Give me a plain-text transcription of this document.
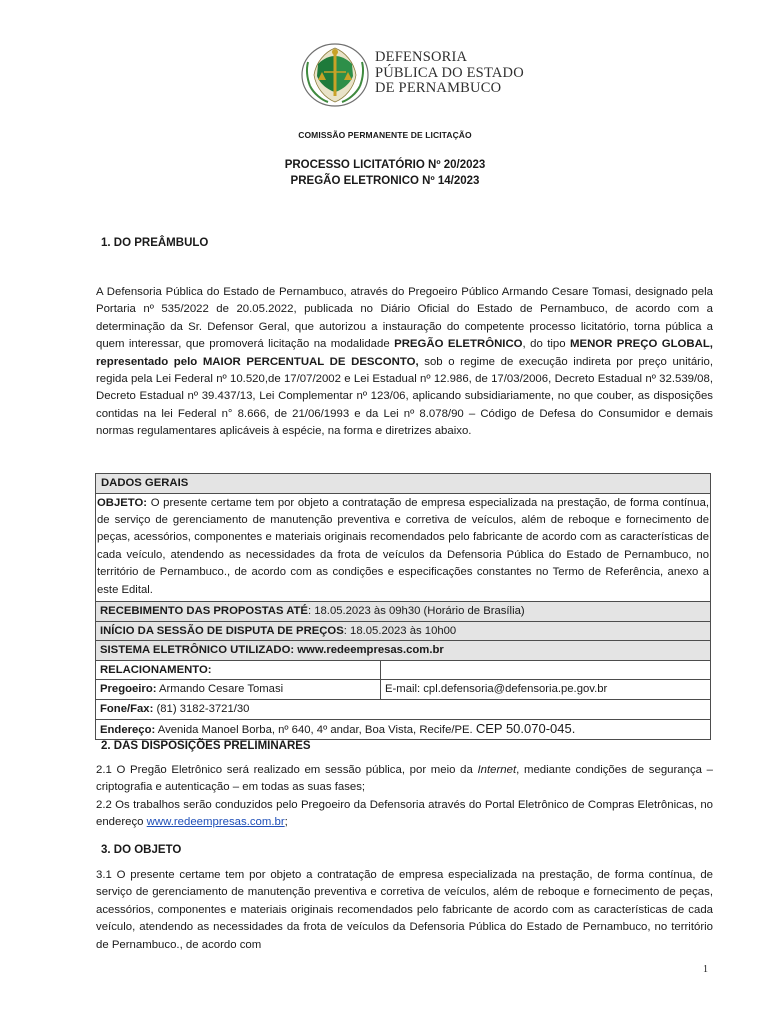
DEFENSORIA
PÚBLICA DO ESTADO
DE PERNAMBUCO
COMISSÃO PERMANENTE DE LICITAÇÃO
PROCESSO LICITATÓRIO Nº 20/2023
PREGÃO ELETRONICO Nº 14/2023
1. DO PREÂMBULO

A Defensoria Pública do Estado de Pernambuco, através do Pregoeiro Público Armando Cesare Tomasi, designado pela Portaria nº 535/2022 de 20.05.2022, publicada no Diário Oficial do Estado de Pernambuco, de acordo com a determinação da Sr. Defensor Geral, que autorizou a instauração do competente processo licitatório, torna pública a quem interessar, que promoverá licitação na modalidade PREGÃO ELETRÔNICO, do tipo MENOR PREÇO GLOBAL, representado pelo MAIOR PERCENTUAL DE DESCONTO, sob o regime de execução indireta por preço unitário, regida pela Lei Federal nº 10.520,de 17/07/2002 e Lei Estadual nº 12.986, de 17/03/2006, Decreto Estadual nº 32.539/08, Decreto Estadual nº 39.437/13, Lei Complementar nº 123/06, aplicando subsidiariamente, no que couber, as disposições contidas na lei Federal n° 8.666, de 21/06/1993 e da Lei nº 8.078/90 – Código de Defesa do Consumidor e demais normas regulamentares aplicáveis à espécie, na forma e diretrizes abaixo.

DADOS GERAIS	
OBJETO: O presente certame tem por objeto a contratação de empresa especializada na prestação, de forma contínua, de serviço de gerenciamento de manutenção preventiva e corretiva de veículos, além de reboque e fornecimento de peças, acessórios, componentes e materiais originais recomendados pelo fabricante de acordo com as características de cada veículo, atendendo as necessidades da frota de veículos da Defensoria Pública do Estado de Pernambuco, no território de Pernambuco., de acordo com as condições e especificações constantes no Termo de Referência, anexo a este Edital.	
RECEBIMENTO DAS PROPOSTAS ATÉ: 18.05.2023 às 09h30 (Horário de Brasília)	
INÍCIO DA SESSÃO DE DISPUTA DE PREÇOS: 18.05.2023 às 10h00	
SISTEMA ELETRÔNICO UTILIZADO: www.redeempresas.com.br	
RELACIONAMENTO:	
Pregoeiro: Armando Cesare Tomasi	E-mail: cpl.defensoria@defensoria.pe.gov.br
Fone/Fax: (81) 3182-3721/30	
Endereço: Avenida Manoel Borba, nº 640, 4º andar, Boa Vista, Recife/PE. CEP 50.070-045.	
2. DAS DISPOSIÇÕES PRELIMINARES

2.1 O Pregão Eletrônico será realizado em sessão pública, por meio da Internet, mediante condições de segurança – criptografia e autenticação – em todas as suas fases;

2.2 Os trabalhos serão conduzidos pelo Pregoeiro da Defensoria através do Portal Eletrônico de Compras Eletrônicas, no endereço www.redeempresas.com.br;

3. DO OBJETO

3.1 O presente certame tem por objeto a contratação de empresa especializada na prestação, de forma contínua, de serviço de gerenciamento de manutenção preventiva e corretiva de veículos, além de reboque e fornecimento de peças, acessórios, componentes e materiais originais recomendados pelo fabricante de acordo com as características de cada veículo, atendendo as necessidades da frota de veículos da Defensoria Pública do Estado de Pernambuco, no território de Pernambuco., de acordo com

1
